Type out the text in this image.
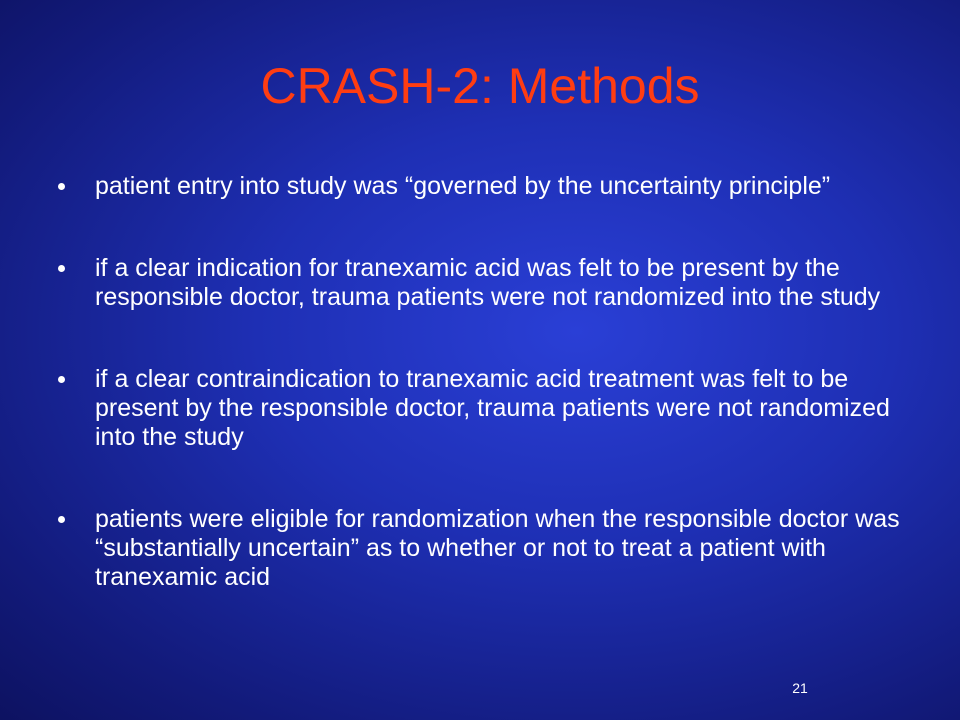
CRASH-2: Methods
patient entry into study was “governed by the uncertainty principle”
if a clear indication for tranexamic acid was felt to be present by the responsible doctor, trauma patients were not randomized into the study
if a clear contraindication to tranexamic acid treatment was felt to be present by the responsible doctor, trauma patients were not randomized into the study
patients were eligible for randomization when the responsible doctor was “substantially uncertain” as to whether or not to treat a patient with tranexamic acid
21
